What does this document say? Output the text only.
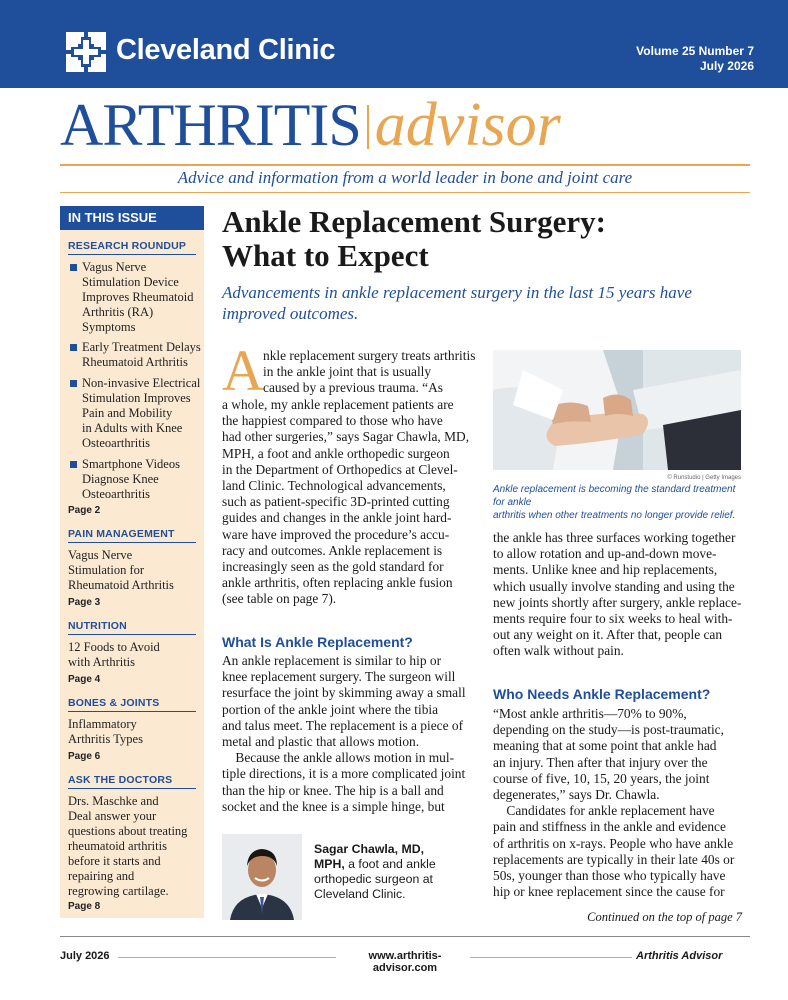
Cleveland Clinic	Volume 25 Number 7
July 2026
ARTHRITIS advisor
Advice and information from a world leader in bone and joint care
IN THIS ISSUE
RESEARCH ROUNDUP
Vagus Nerve
Stimulation Device
Improves Rheumatoid
Arthritis (RA)
Symptoms
Early Treatment Delays
Rheumatoid Arthritis
Non-invasive Electrical
Stimulation Improves
Pain and Mobility
in Adults with Knee
Osteoarthritis
Smartphone Videos
Diagnose Knee
Osteoarthritis
Page 2
PAIN MANAGEMENT
Vagus Nerve
Stimulation for
Rheumatoid Arthritis
Page 3
NUTRITION
12 Foods to Avoid
with Arthritis
Page 4
BONES & JOINTS
Inflammatory
Arthritis Types
Page 6
ASK THE DOCTORS
Drs. Maschke and
Deal answer your
questions about treating
rheumatoid arthritis
before it starts and
repairing and
regrowing cartilage.
Page 8
Ankle Replacement Surgery:
What to Expect
Advancements in ankle replacement surgery in the last 15 years have
improved outcomes.
A nkle replacement surgery treats arthritis
in the ankle joint that is usually
caused by a previous trauma. “As
a whole, my ankle replacement patients are
the happiest compared to those who have
had other surgeries,” says Sagar Chawla, MD,
MPH, a foot and ankle orthopedic surgeon
in the Department of Orthopedics at Clevel-
land Clinic. Technological advancements,
such as patient-specific 3D-printed cutting
guides and changes in the ankle joint hard-
ware have improved the procedure’s accu-
racy and outcomes. Ankle replacement is
increasingly seen as the gold standard for
ankle arthritis, often replacing ankle fusion
(see table on page 7).
What Is Ankle Replacement?
An ankle replacement is similar to hip or
knee replacement surgery. The surgeon will
resurface the joint by skimming away a small
portion of the ankle joint where the tibia
and talus meet. The replacement is a piece of
metal and plastic that allows motion.
 Because the ankle allows motion in mul-
tiple directions, it is a more complicated joint
than the hip or knee. The hip is a ball and
socket and the knee is a simple hinge, but
Sagar Chawla, MD,
MPH, a foot and ankle
orthopedic surgeon at
Cleveland Clinic.
© Runstudio | Getty Images
Ankle replacement is becoming the standard treatment for ankle
arthritis when other treatments no longer provide relief.
the ankle has three surfaces working together
to allow rotation and up-and-down move-
ments. Unlike knee and hip replacements,
which usually involve standing and using the
new joints shortly after surgery, ankle replace-
ments require four to six weeks to heal with-
out any weight on it. After that, people can
often walk without pain.
Who Needs Ankle Replacement?
“Most ankle arthritis—70% to 90%,
depending on the study—is post-traumatic,
meaning that at some point that ankle had
an injury. Then after that injury over the
course of five, 10, 15, 20 years, the joint
degenerates,” says Dr. Chawla.
 Candidates for ankle replacement have
pain and stiffness in the ankle and evidence
of arthritis on x-rays. People who have ankle
replacements are typically in their late 40s or
50s, younger than those who typically have
hip or knee replacement since the cause for
Continued on the top of page 7
July 2026	www.arthritis-advisor.com
Arthritis Advisor
